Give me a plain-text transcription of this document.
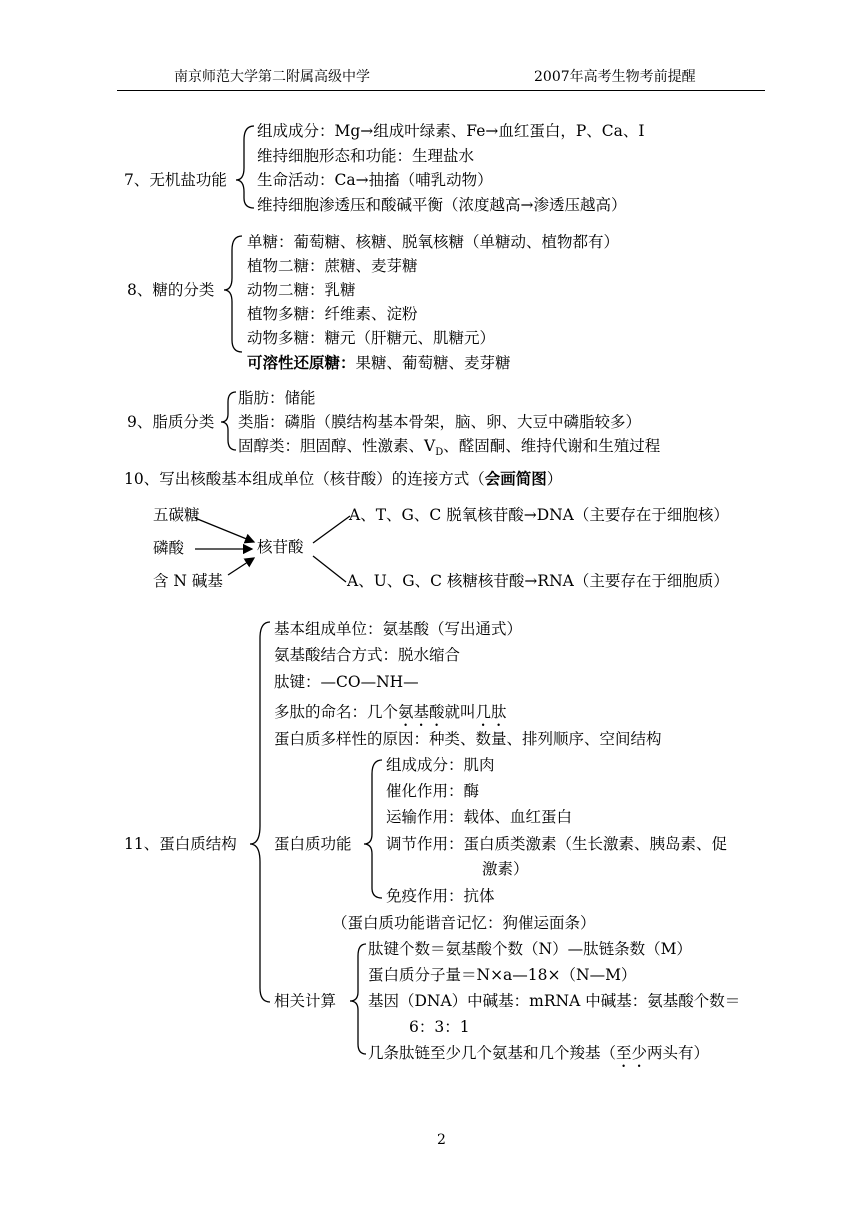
南京师范大学第二附属高级中学	2007年高考生物考前提醒
7、无机盐功能
组成成分：Mg→组成叶绿素、Fe→血红蛋白，P、Ca、I
维持细胞形态和功能：生理盐水
生命活动：Ca→抽搐（哺乳动物）
维持细胞渗透压和酸碱平衡（浓度越高→渗透压越高）
8、糖的分类
单糖：葡萄糖、核糖、脱氧核糖（单糖动、植物都有）
植物二糖：蔗糖、麦芽糖
动物二糖：乳糖
植物多糖：纤维素、淀粉
动物多糖：糖元（肝糖元、肌糖元）
可溶性还原糖：果糖、葡萄糖、麦芽糖
9、脂质分类
脂肪：储能
类脂：磷脂（膜结构基本骨架，脑、卵、大豆中磷脂较多）
固醇类：胆固醇、性激素、$V_D$、醛固酮、维持代谢和生殖过程
10、写出核酸基本组成单位（核苷酸）的连接方式（会画简图）
五碳糖
磷酸
含 N 碱基
核苷酸
A、T、G、C 脱氧核苷酸→DNA（主要存在于细胞核）
A、U、G、C 核糖核苷酸→RNA（主要存在于细胞质）
11、蛋白质结构
基本组成单位：氨基酸（写出通式）
氨基酸结合方式：脱水缩合
肽键：—CO—NH—
多肽的命名：几个氨基酸就叫几肽
蛋白质多样性的原因：种类、数量、排列顺序、空间结构
蛋白质功能
组成成分：肌肉
催化作用：酶
运输作用：载体、血红蛋白
调节作用：蛋白质类激素（生长激素、胰岛素、促
激素）
免疫作用：抗体
（蛋白质功能谐音记忆：狗催运面条）
相关计算
肽键个数＝氨基酸个数（N）—肽链条数（M）
蛋白质分子量＝N×a—18×（N—M）
基因（DNA）中碱基：mRNA 中碱基：氨基酸个数＝
6：3：1
几条肽链至少几个氨基和几个羧基（至少两头有）
2
